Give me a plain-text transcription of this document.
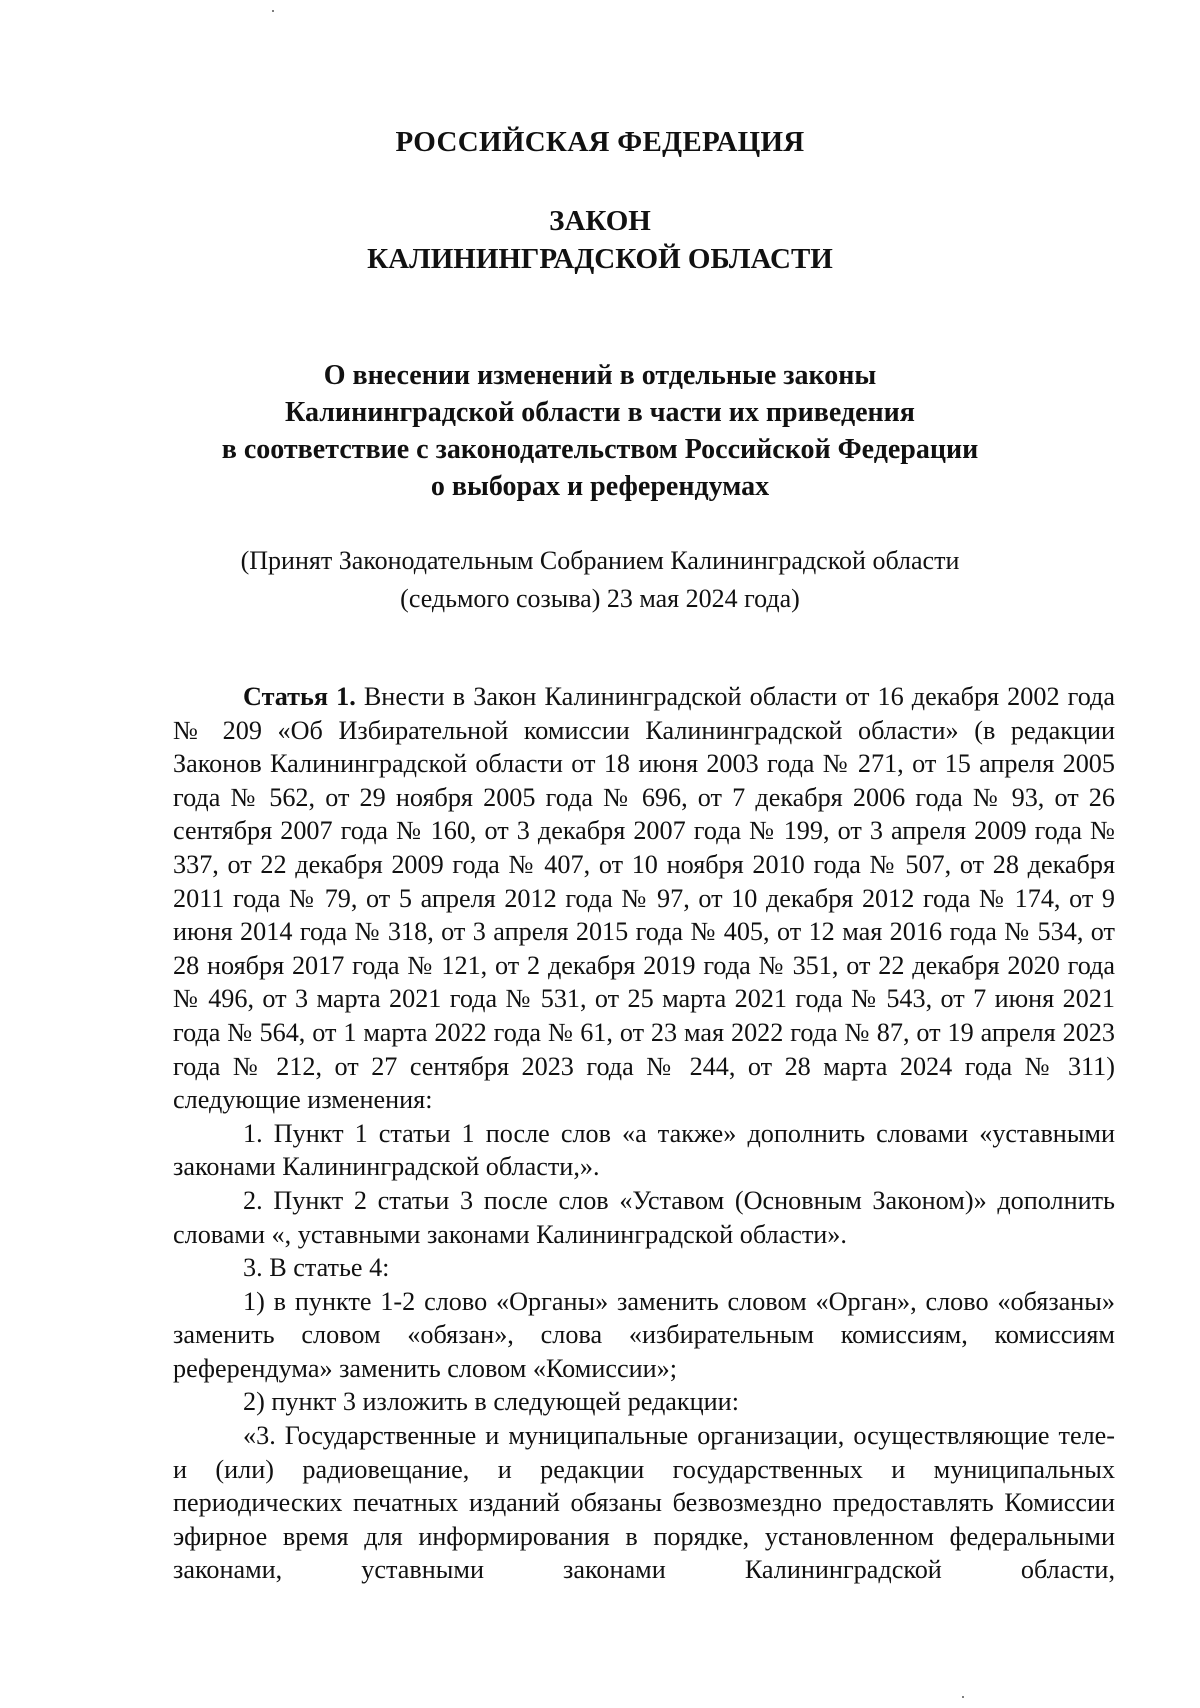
РОССИЙСКАЯ ФЕДЕРАЦИЯ
ЗАКОН
КАЛИНИНГРАДСКОЙ ОБЛАСТИ
О внесении изменений в отдельные законы
Калининградской области в части их приведения
в соответствие с законодательством Российской Федерации
о выборах и референдумах
(Принят Законодательным Собранием Калининградской области
(седьмого созыва) 23 мая 2024 года)

Статья 1. Внести в Закон Калининградской области от 16 декабря 2002 года № 209 «Об Избирательной комиссии Калининградской области» (в редакции Законов Калининградской области от 18 июня 2003 года № 271, от 15 апреля 2005 года № 562, от 29 ноября 2005 года № 696, от 7 декабря 2006 года № 93, от 26 сентября 2007 года № 160, от 3 декабря 2007 года № 199, от 3 апреля 2009 года № 337, от 22 декабря 2009 года № 407, от 10 ноября 2010 года № 507, от 28 декабря 2011 года № 79, от 5 апреля 2012 года № 97, от 10 декабря 2012 года № 174, от 9 июня 2014 года № 318, от 3 апреля 2015 года № 405, от 12 мая 2016 года № 534, от 28 ноября 2017 года № 121, от 2 декабря 2019 года № 351, от 22 декабря 2020 года № 496, от 3 марта 2021 года № 531, от 25 марта 2021 года № 543, от 7 июня 2021 года № 564, от 1 марта 2022 года № 61, от 23 мая 2022 года № 87, от 19 апреля 2023 года № 212, от 27 сентября 2023 года № 244, от 28 марта 2024 года № 311) следующие изменения:

1. Пункт 1 статьи 1 после слов «а также» дополнить словами «уставными законами Калининградской области,».

2. Пункт 2 статьи 3 после слов «Уставом (Основным Законом)» дополнить словами «, уставными законами Калининградской области».

3. В статье 4:

1) в пункте 1-2 слово «Органы» заменить словом «Орган», слово «обязаны» заменить словом «обязан», слова «избирательным комиссиям, комиссиям референдума» заменить словом «Комиссии»;

2) пункт 3 изложить в следующей редакции:

«3. Государственные и муниципальные организации, осуществляющие теле- и (или) радиовещание, и редакции государственных и муниципальных периодических печатных изданий обязаны безвозмездно предоставлять Комиссии эфирное время для информирования в порядке, установленном федеральными законами, уставными законами Калининградской области,
